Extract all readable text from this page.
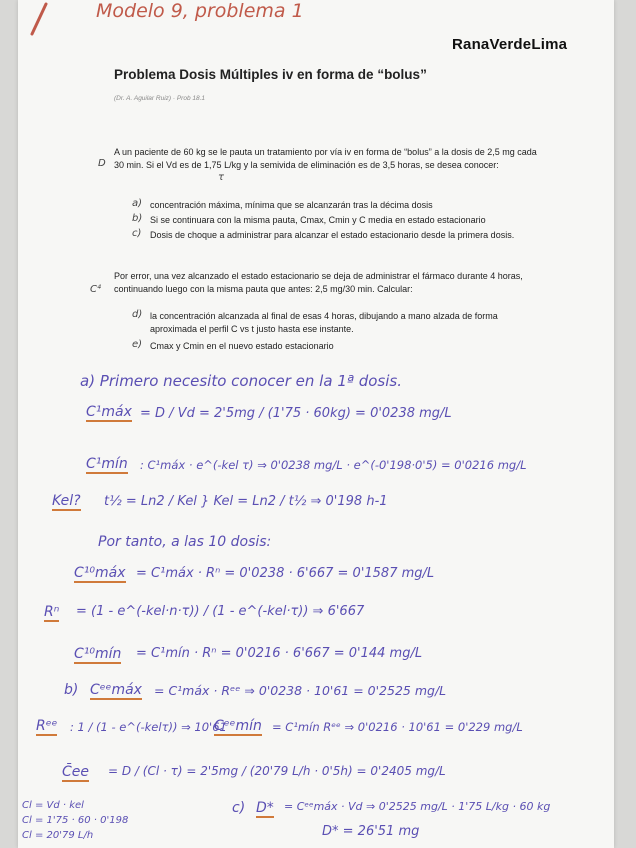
Modelo 9, problema 1
RanaVerdeLima
Problema Dosis Múltiples iv en forma de “bolus”
(Dr. A. Aguilar Ruiz) · Prob 18.1
D
τ
A un paciente de 60 kg se le pauta un tratamiento por vía iv en forma de “bolus” a la dosis de 2,5 mg cada 30 min. Si el Vd es de 1,75 L/kg y la semivida de eliminación es de 3,5 horas, se desea conocer:
a) concentración máxima, mínima que se alcanzarán tras la décima dosis
b) Si se continuara con la misma pauta, Cmax, Cmin y C media en estado estacionario
c) Dosis de choque a administrar para alcanzar el estado estacionario desde la primera dosis.
C⁴
Por error, una vez alcanzado el estado estacionario se deja de administrar el fármaco durante 4 horas, continuando luego con la misma pauta que antes: 2,5 mg/30 min. Calcular:
d) la concentración alcanzada al final de esas 4 horas, dibujando a mano alzada de forma aproximada el perfil C vs t justo hasta ese instante.
e) Cmax y Cmin en el nuevo estado estacionario
a) Primero necesito conocer en la 1ª dosis.
C¹máx = D / Vd = 2'5mg / (1'75 · 60kg) = 0'0238 mg/L
C¹mín : C¹máx · e^(-kel τ) ⇒ 0'0238 mg/L · e^(-0'198·0'5) = 0'0216 mg/L
Kel? t½ = Ln2 / Kel } Kel = Ln2 / t½ ⇒ 0'198 h-1
Por tanto, a las 10 dosis:
C¹⁰máx = C¹máx · Rⁿ = 0'0238 · 6'667 = 0'1587 mg/L
Rⁿ = (1 - e^(-kel·n·τ)) / (1 - e^(-kel·τ)) ⇒ 6'667
C¹⁰mín = C¹mín · Rⁿ = 0'0216 · 6'667 = 0'144 mg/L
b) Cᵉᵉmáx = C¹máx · Rᵉᵉ ⇒ 0'0238 · 10'61 = 0'2525 mg/L
Rᵉᵉ : 1 / (1 - e^(-kelτ)) ⇒ 10'61
Cᵉᵉmín = C¹mín Rᵉᵉ ⇒ 0'0216 · 10'61 = 0'229 mg/L
C̄ee = D / (Cl · τ) = 2'5mg / (20'79 L/h · 0'5h) = 0'2405 mg/L
Cl = Vd · kel
Cl = 1'75 · 60 · 0'198
Cl = 20'79 L/h
c) D* = Cᵉᵉmáx · Vd ⇒ 0'2525 mg/L · 1'75 L/kg · 60 kg
D* = 26'51 mg
